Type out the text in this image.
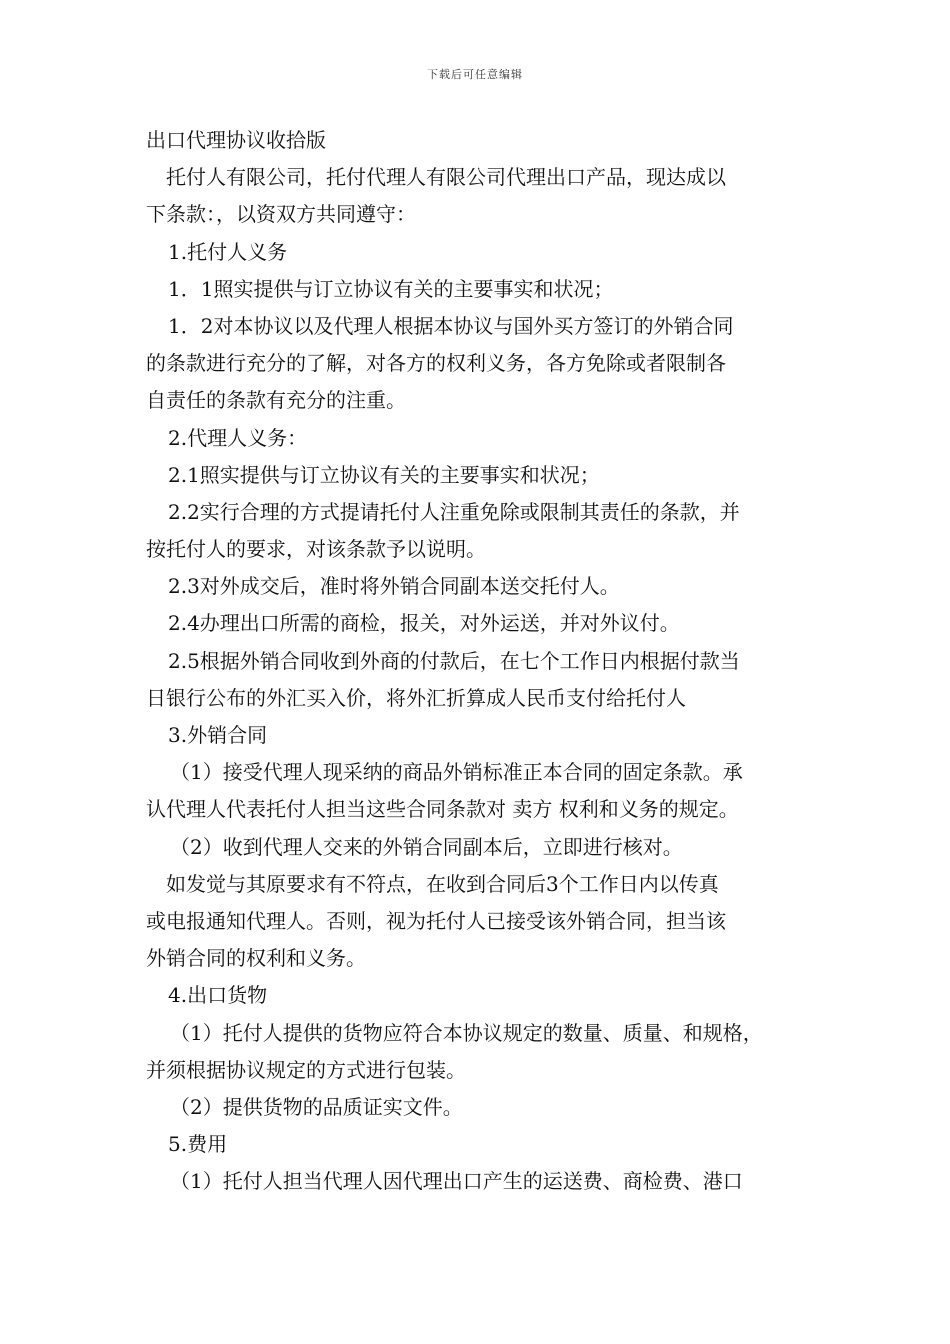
下载后可任意编辑
出口代理协议收拾版
托付人有限公司，托付代理人有限公司代理出口产品，现达成以
下条款：，以资双方共同遵守：
1.托付人义务
1．1照实提供与订立协议有关的主要事实和状况；
1．2对本协议以及代理人根据本协议与国外买方签订的外销合同
的条款进行充分的了解，对各方的权利义务，各方免除或者限制各
自责任的条款有充分的注重。
2.代理人义务：
2.1照实提供与订立协议有关的主要事实和状况；
2.2实行合理的方式提请托付人注重免除或限制其责任的条款，并
按托付人的要求，对该条款予以说明。
2.3对外成交后，准时将外销合同副本送交托付人。
2.4办理出口所需的商检，报关，对外运送，并对外议付。
2.5根据外销合同收到外商的付款后，在七个工作日内根据付款当
日银行公布的外汇买入价，将外汇折算成人民币支付给托付人
3.外销合同
（1）接受代理人现采纳的商品外销标准正本合同的固定条款。承
认代理人代表托付人担当这些合同条款对 卖方 权利和义务的规定。
（2）收到代理人交来的外销合同副本后，立即进行核对。
如发觉与其原要求有不符点，在收到合同后3个工作日内以传真
或电报通知代理人。否则，视为托付人已接受该外销合同，担当该
外销合同的权利和义务。
4.出口货物
（1）托付人提供的货物应符合本协议规定的数量、质量、和规格，
并须根据协议规定的方式进行包装。
（2）提供货物的品质证实文件。
5.费用
（1）托付人担当代理人因代理出口产生的运送费、商检费、港口
